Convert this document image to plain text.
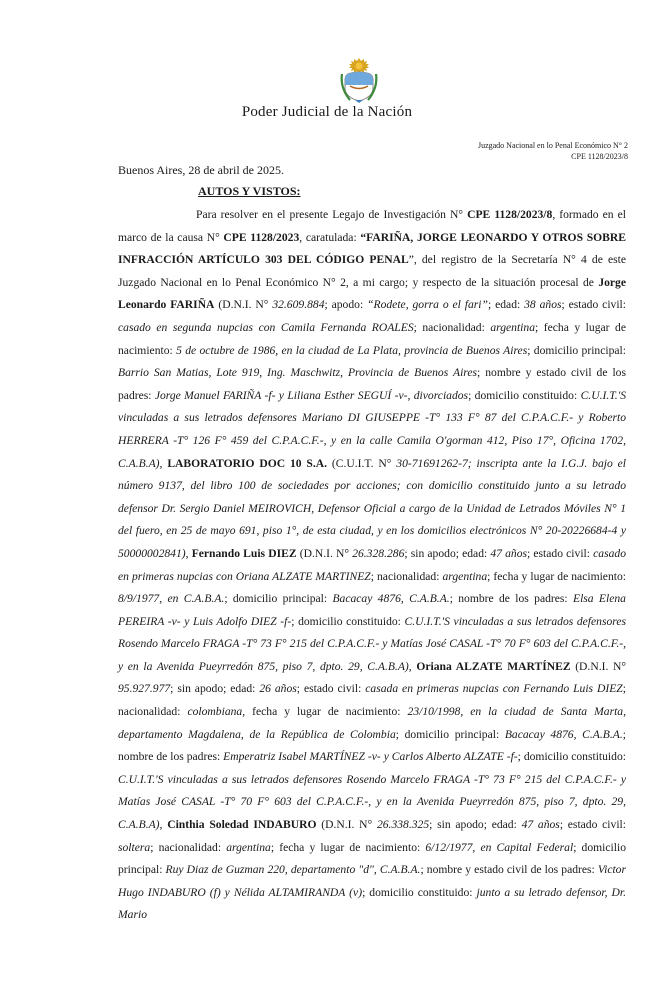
Poder Judicial de la Nación
Juzgado Nacional en lo Penal Económico N° 2
CPE 1128/2023/8
Buenos Aires, 28 de abril de 2025.
AUTOS Y VISTOS:
Para resolver en el presente Legajo de Investigación N° CPE 1128/2023/8, formado en el marco de la causa N° CPE 1128/2023, caratulada: “FARIÑA, JORGE LEONARDO Y OTROS SOBRE INFRACCIÓN ARTÍCULO 303 DEL CÓDIGO PENAL”, del registro de la Secretaría N° 4 de este Juzgado Nacional en lo Penal Económico N° 2, a mi cargo; y respecto de la situación procesal de Jorge Leonardo FARIÑA (D.N.I. N° 32.609.884; apodo: “Rodete, gorra o el fari”; edad: 38 años; estado civil: casado en segunda nupcias con Camila Fernanda ROALES; nacionalidad: argentina; fecha y lugar de nacimiento: 5 de octubre de 1986, en la ciudad de La Plata, provincia de Buenos Aires; domicilio principal: Barrio San Matias, Lote 919, Ing. Maschwitz, Provincia de Buenos Aires; nombre y estado civil de los padres: Jorge Manuel FARIÑA -f- y Liliana Esther SEGUÍ -v-, divorciados; domicilio constituido: C.U.I.T.'S vinculadas a sus letrados defensores Mariano DI GIUSEPPE -T° 133 F° 87 del C.P.A.C.F.- y Roberto HERRERA -T° 126 F° 459 del C.P.A.C.F.-, y en la calle Camila O'gorman 412, Piso 17°, Oficina 1702, C.A.B.A), LABORATORIO DOC 10 S.A. (C.U.I.T. N° 30-71691262-7; inscripta ante la I.G.J. bajo el número 9137, del libro 100 de sociedades por acciones; con domicilio constituido junto a su letrado defensor Dr. Sergio Daniel MEIROVICH, Defensor Oficial a cargo de la Unidad de Letrados Móviles N° 1 del fuero, en 25 de mayo 691, piso 1°, de esta ciudad, y en los domicilios electrónicos N° 20-20226684-4 y 50000002841), Fernando Luis DIEZ (D.N.I. N° 26.328.286; sin apodo; edad: 47 años; estado civil: casado en primeras nupcias con Oriana ALZATE MARTINEZ; nacionalidad: argentina; fecha y lugar de nacimiento: 8/9/1977, en C.A.B.A.; domicilio principal: Bacacay 4876, C.A.B.A.; nombre de los padres: Elsa Elena PEREIRA -v- y Luis Adolfo DIEZ -f-; domicilio constituido: C.U.I.T.'S vinculadas a sus letrados defensores Rosendo Marcelo FRAGA -T° 73 F° 215 del C.P.A.C.F.- y Matías José CASAL -T° 70 F° 603 del C.P.A.C.F.-, y en la Avenida Pueyrredón 875, piso 7, dpto. 29, C.A.B.A), Oriana ALZATE MARTÍNEZ (D.N.I. N° 95.927.977; sin apodo; edad: 26 años; estado civil: casada en primeras nupcias con Fernando Luis DIEZ; nacionalidad: colombiana, fecha y lugar de nacimiento: 23/10/1998, en la ciudad de Santa Marta, departamento Magdalena, de la República de Colombia; domicilio principal: Bacacay 4876, C.A.B.A.; nombre de los padres: Emperatriz Isabel MARTÍNEZ -v- y Carlos Alberto ALZATE -f-; domicilio constituido: C.U.I.T.'S vinculadas a sus letrados defensores Rosendo Marcelo FRAGA -T° 73 F° 215 del C.P.A.C.F.- y Matías José CASAL -T° 70 F° 603 del C.P.A.C.F.-, y en la Avenida Pueyrredón 875, piso 7, dpto. 29, C.A.B.A), Cinthia Soledad INDABURO (D.N.I. N° 26.338.325; sin apodo; edad: 47 años; estado civil: soltera; nacionalidad: argentina; fecha y lugar de nacimiento: 6/12/1977, en Capital Federal; domicilio principal: Ruy Diaz de Guzman 220, departamento "d", C.A.B.A.; nombre y estado civil de los padres: Victor Hugo INDABURO (f) y Nélida ALTAMIRANDA (v); domicilio constituido: junto a su letrado defensor, Dr. Mario
